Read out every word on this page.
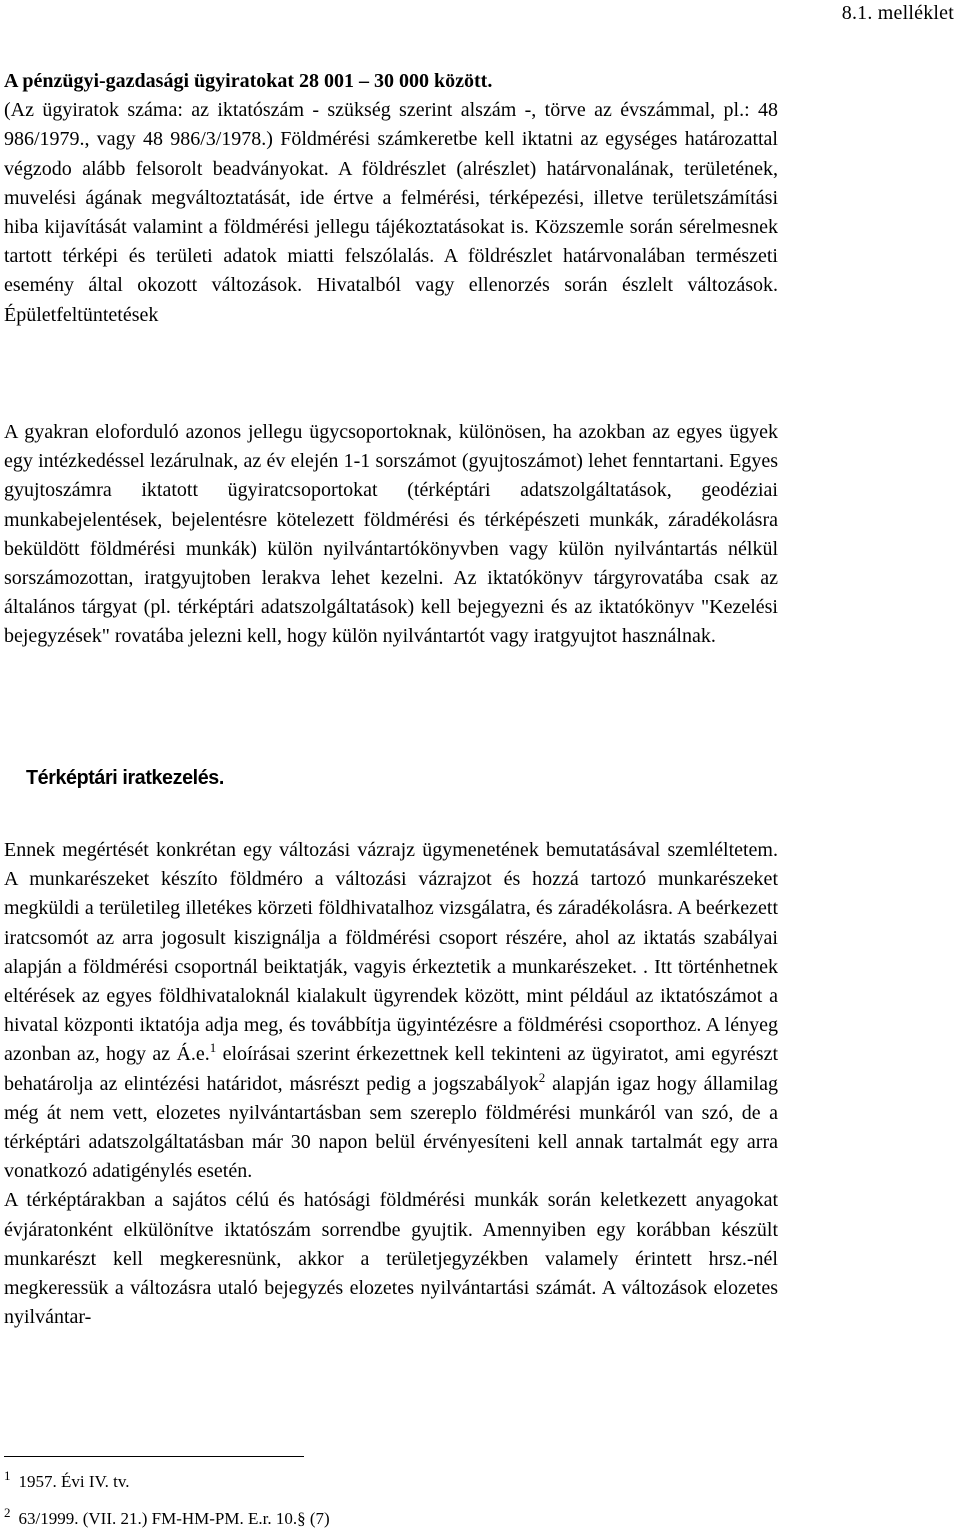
8.1. melléklet

A pénzügyi-gazdasági ügyiratokat 28 001 – 30 000 között.
(Az ügyiratok száma: az iktatószám - szükség szerint alszám -, törve az évszámmal, pl.: 48 986/1979., vagy 48 986/3/1978.) Földmérési számkeretbe kell iktatni az egységes határozattal végzodo alább felsorolt beadványokat. A földrészlet (alrészlet) határvonalának, területének, muvelési ágának megváltoztatását, ide értve a felmérési, térképezési, illetve területszámítási hiba kijavítását valamint a földmérési jellegu tájékoztatásokat is. Közszemle során sérelmesnek tartott térképi és területi adatok miatti felszólalás. A földrészlet határvonalában természeti esemény által okozott változások. Hivatalból vagy ellenorzés során észlelt változások. Épületfeltüntetések

A gyakran eloforduló azonos jellegu ügycsoportoknak, különösen, ha azokban az egyes ügyek egy intézkedéssel lezárulnak, az év elején 1-1 sorszámot (gyujtoszámot) lehet fenntartani. Egyes gyujtoszámra iktatott ügyiratcsoportokat (térképtári adatszolgáltatások, geodéziai munkabejelentések, bejelentésre kötelezett földmérési és térképészeti munkák, záradékolásra beküldött földmérési munkák) külön nyilvántartókönyvben vagy külön nyilvántartás nélkül sorszámozottan, iratgyujtoben lerakva lehet kezelni. Az iktatókönyv tárgyrovatába csak az általános tárgyat (pl. térképtári adatszolgáltatások) kell bejegyezni és az iktatókönyv "Kezelési bejegyzések" rovatába jelezni kell, hogy külön nyilvántartót vagy iratgyujtot használnak.

Térképtári iratkezelés.

Ennek megértését konkrétan egy változási vázrajz ügymenetének bemutatásával szemléltetem. A munkarészeket készíto földméro a változási vázrajzot és hozzá tartozó munkarészeket megküldi a területileg illetékes körzeti földhivatalhoz vizsgálatra, és záradékolásra. A beérkezett iratcsomót az arra jogosult kiszignálja a földmérési csoport részére, ahol az iktatás szabályai alapján a földmérési csoportnál beiktatják, vagyis érkeztetik a munkarészeket. . Itt történhetnek eltérések az egyes földhivataloknál kialakult ügyrendek között, mint például az iktatószámot a hivatal központi iktatója adja meg, és továbbítja ügyintézésre a földmérési csoporthoz. A lényeg azonban az, hogy az Á.e.$^1$ eloírásai szerint érkezettnek kell tekinteni az ügyiratot, ami egyrészt behatárolja az elintézési határidot, másrészt pedig a jogszabályok$^2$ alapján igaz hogy államilag még át nem vett, elozetes nyilvántartásban sem szereplo földmérési munkáról van szó, de a térképtári adatszolgáltatásban már 30 napon belül érvényesíteni kell annak tartalmát egy arra vonatkozó adatigénylés esetén.

A térképtárakban a sajátos célú és hatósági földmérési munkák során keletkezett anyagokat évjáratonként elkülönítve iktatószám sorrendbe gyujtik. Amennyiben egy korábban készült munkarészt kell megkeresnünk, akkor a területjegyzékben valamely érintett hrsz.-nél megkeressük a változásra utaló bejegyzés elozetes nyilvántartási számát. A változások elozetes nyilvántar-

$^1$ 1957. Évi IV. tv.
$^2$ 63/1999. (VII. 21.) FM-HM-PM. E.r. 10.§ (7)
